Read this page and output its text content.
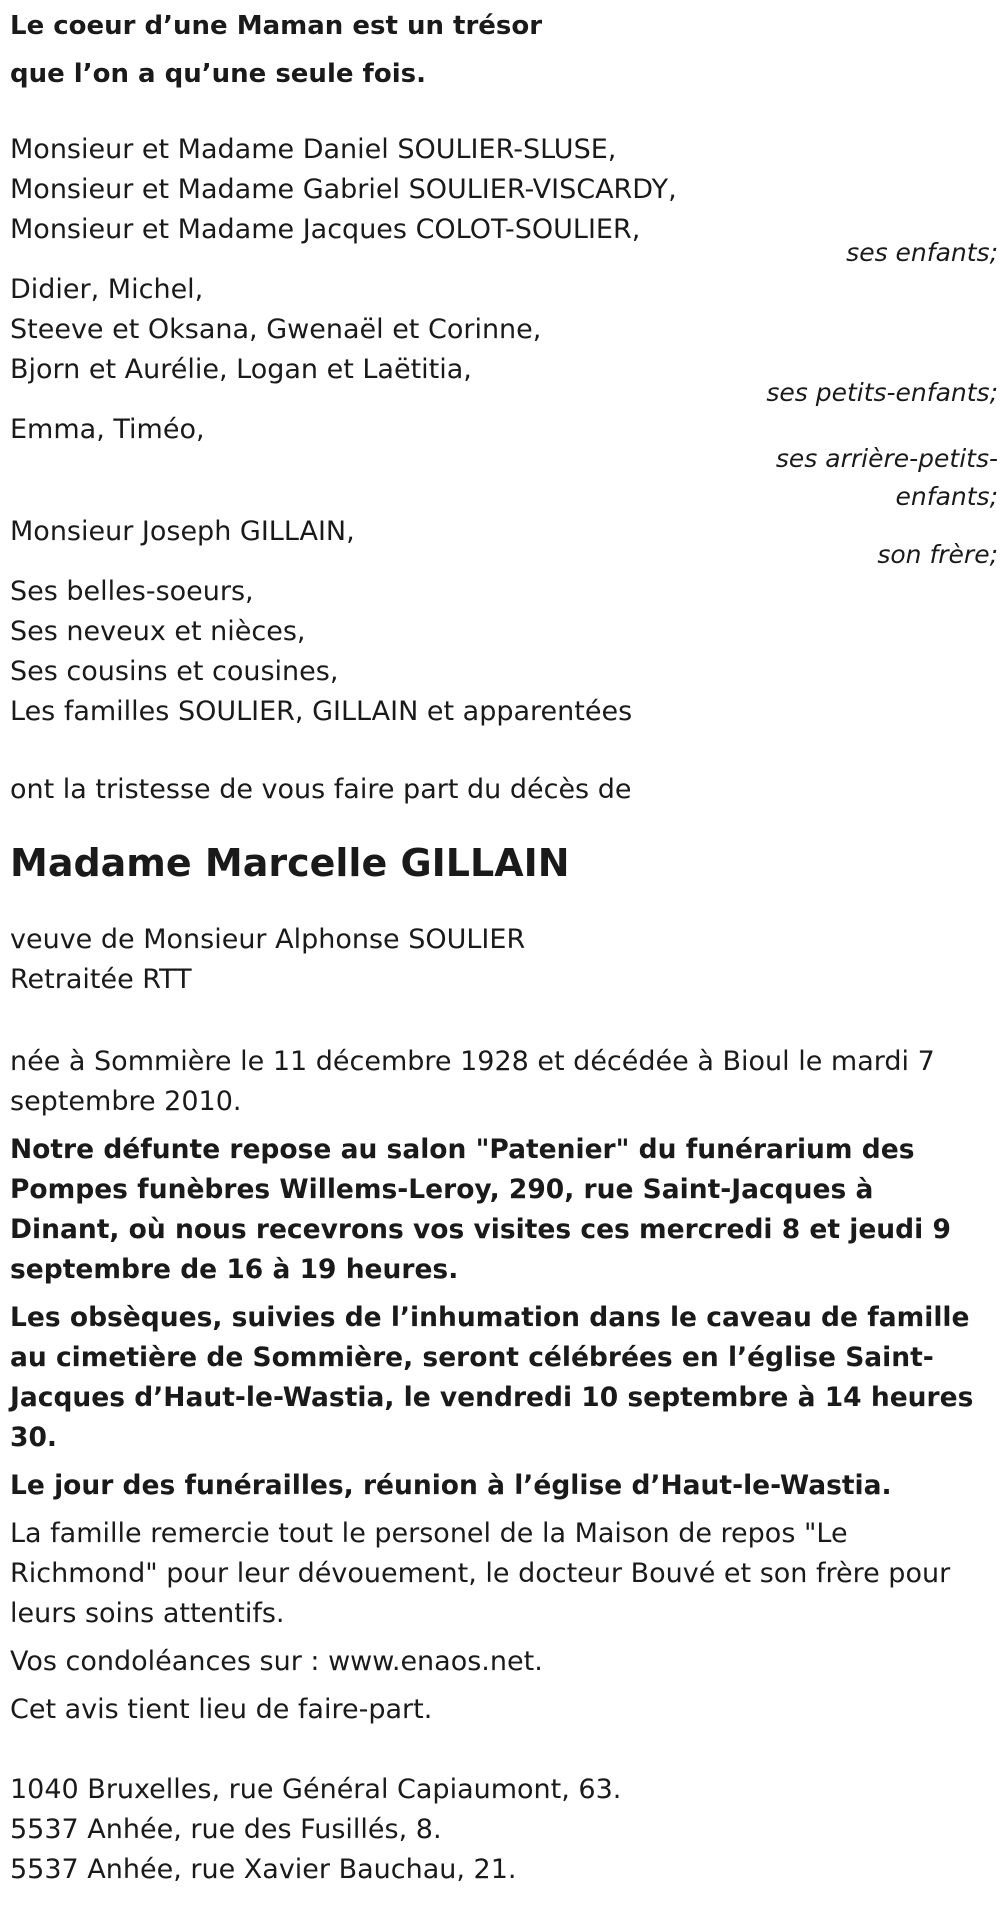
Le coeur d’une Maman est un trésor

que l’on a qu’une seule fois.

Monsieur et Madame Daniel SOULIER-SLUSE,

Monsieur et Madame Gabriel SOULIER-VISCARDY,

Monsieur et Madame Jacques COLOT-SOULIER,

ses enfants;

Didier, Michel,

Steeve et Oksana, Gwenaël et Corinne,

Bjorn et Aurélie, Logan et Laëtitia,

ses petits-enfants;

Emma, Timéo,

ses arrière-petits-

enfants;

Monsieur Joseph GILLAIN,

son frère;

Ses belles-soeurs,

Ses neveux et nièces,

Ses cousins et cousines,

Les familles SOULIER, GILLAIN et apparentées

ont la tristesse de vous faire part du décès de

Madame Marcelle GILLAIN

veuve de Monsieur Alphonse SOULIER

Retraitée RTT

née à Sommière le 11 décembre 1928 et décédée à Bioul le mardi 7 septembre 2010.

Notre défunte repose au salon "Patenier" du funérarium des Pompes funèbres Willems-Leroy, 290, rue Saint-Jacques à Dinant, où nous recevrons vos visites ces mercredi 8 et jeudi 9 septembre de 16 à 19 heures.

Les obsèques, suivies de l’inhumation dans le caveau de famille au cimetière de Sommière, seront célébrées en l’église Saint-Jacques d’Haut-le-Wastia, le vendredi 10 septembre à 14 heures 30.

Le jour des funérailles, réunion à l’église d’Haut-le-Wastia.

La famille remercie tout le personel de la Maison de repos "Le Richmond" pour leur dévouement, le docteur Bouvé et son frère pour leurs soins attentifs.

Vos condoléances sur : www.enaos.net.

Cet avis tient lieu de faire-part.

1040 Bruxelles, rue Général Capiaumont, 63.

5537 Anhée, rue des Fusillés, 8.

5537 Anhée, rue Xavier Bauchau, 21.
